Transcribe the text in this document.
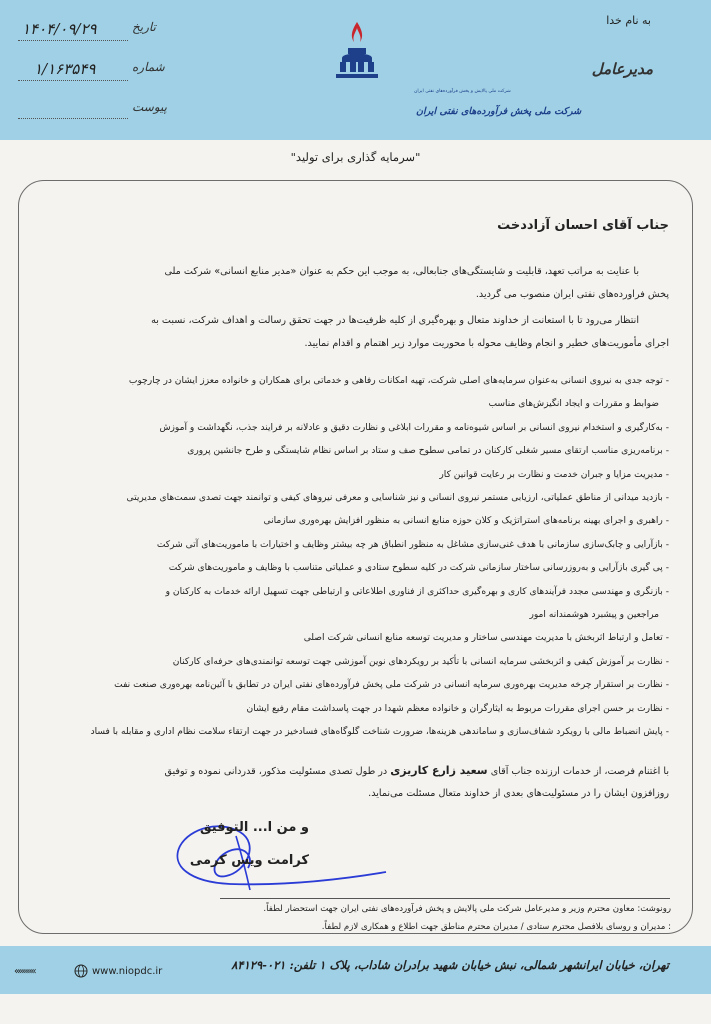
به نام خدا
مدیرعامل
تاریخ
۱۴۰۴/۰۹/۲۹
شماره
۱/۱۶۳۵۴۹
پیوست
شرکت ملی پالایش و پخش فرآورده‌های نفتی ایران
شرکت ملی پخش فرآورده‌های نفتی ایران
"سرمایه گذاری برای تولید"
جناب آقای احسان آزاددخت
با عنایت به مراتب تعهد، قابلیت و شایستگی‌های جنابعالی، به موجب این حکم به عنوان «مدیر منابع انسانی» شرکت ملی
پخش فراورده‌های نفتی ایران منصوب می گردید.
انتظار می‌رود تا با استعانت از خداوند متعال و بهره‌گیری از کلیه ظرفیت‌ها در جهت تحقق رسالت و اهداف شرکت، نسبت به
اجرای مأموریت‌های خطیر و انجام وظایف محوله با محوریت موارد زیر اهتمام و اقدام نمایید.
- توجه جدی به نیروی انسانی به‌عنوان سرمایه‌های اصلی شرکت، تهیه امکانات رفاهی و خدماتی برای همکاران و خانواده معزز ایشان در چارچوب
ضوابط و مقررات و ایجاد انگیزش‌های مناسب
- به‌کارگیری و استخدام نیروی انسانی بر اساس شیوه‌نامه و مقررات ابلاغی و نظارت دقیق و عادلانه بر فرایند جذب، نگهداشت و آموزش
- برنامه‌ریزی مناسب ارتقای مسیر شغلی کارکنان در تمامی سطوح صف و ستاد بر اساس نظام شایستگی و طرح جانشین پروری
- مدیریت مزایا و جبران خدمت و نظارت بر رعایت قوانین کار
- بازدید میدانی از مناطق عملیاتی، ارزیابی مستمر نیروی انسانی و نیز شناسایی و معرفی نیروهای کیفی و توانمند جهت تصدی سمت‌های مدیریتی
- راهبری و اجرای بهینه برنامه‌های استراتژیک و کلان حوزه منابع انسانی به منظور افزایش بهره‌وری سازمانی
- بازآرایی و چابک‌سازی سازمانی با هدف غنی‌سازی مشاغل به منظور انطباق هر چه بیشتر وظایف و اختیارات با ماموریت‌های آتی شرکت
- پی گیری بازآرایی و به‌روزرسانی ساختار سازمانی شرکت در کلیه سطوح ستادی و عملیاتی متناسب با وظایف و ماموریت‌های شرکت
- بازنگری و مهندسی مجدد فرآیندهای کاری و بهره‌گیری حداکثری از فناوری اطلاعاتی و ارتباطی جهت تسهیل ارائه خدمات به کارکنان و
مراجعین و پیشبرد هوشمندانه امور
- تعامل و ارتباط اثربخش با مدیریت مهندسی ساختار و مدیریت توسعه منابع انسانی شرکت اصلی
- نظارت بر آموزش کیفی و اثربخشی سرمایه انسانی با تأکید بر رویکردهای نوین آموزشی جهت توسعه توانمندی‌های حرفه‌ای کارکنان
- نظارت بر استقرار چرخه مدیریت بهره‌وری سرمایه انسانی در شرکت ملی پخش فرآورده‌های نفتی ایران در تطابق با آئین‌نامه بهره‌وری صنعت نفت
- نظارت بر حسن اجرای مقررات مربوط به ایثارگران و خانواده معظم شهدا در جهت پاسداشت مقام رفیع ایشان
- پایش انضباط مالی با رویکرد شفاف‌سازی و ساماندهی هزینه‌ها، ضرورت شناخت گلوگاه‌های فسادخیز در جهت ارتقاء سلامت نظام اداری و مقابله با فساد
با اغتنام فرصت، از خدمات ارزنده جناب آقای سعید زارع کاریزی در طول تصدی مسئولیت مذکور، قدردانی نموده و توفیق
روزافزون ایشان را در مسئولیت‌های بعدی از خداوند متعال مسئلت می‌نماید.
و من ا... التوفیق
کرامت ویس کرمی
رونوشت: معاون محترم وزیر و مدیرعامل شرکت ملی پالایش و پخش فرآورده‌های نفتی ایران جهت استحضار لطفاً.
: مدیران و روسای بلافصل محترم ستادی / مدیران محترم مناطق جهت اطلاع و همکاری لازم لطفاً.
تهران، خیابان ایرانشهر شمالی، نبش خیابان شهید برادران شاداب، پلاک ۱ تلفن: ۰۲۱-۸۴۱۲۹
www.niopdc.ir
«««««
